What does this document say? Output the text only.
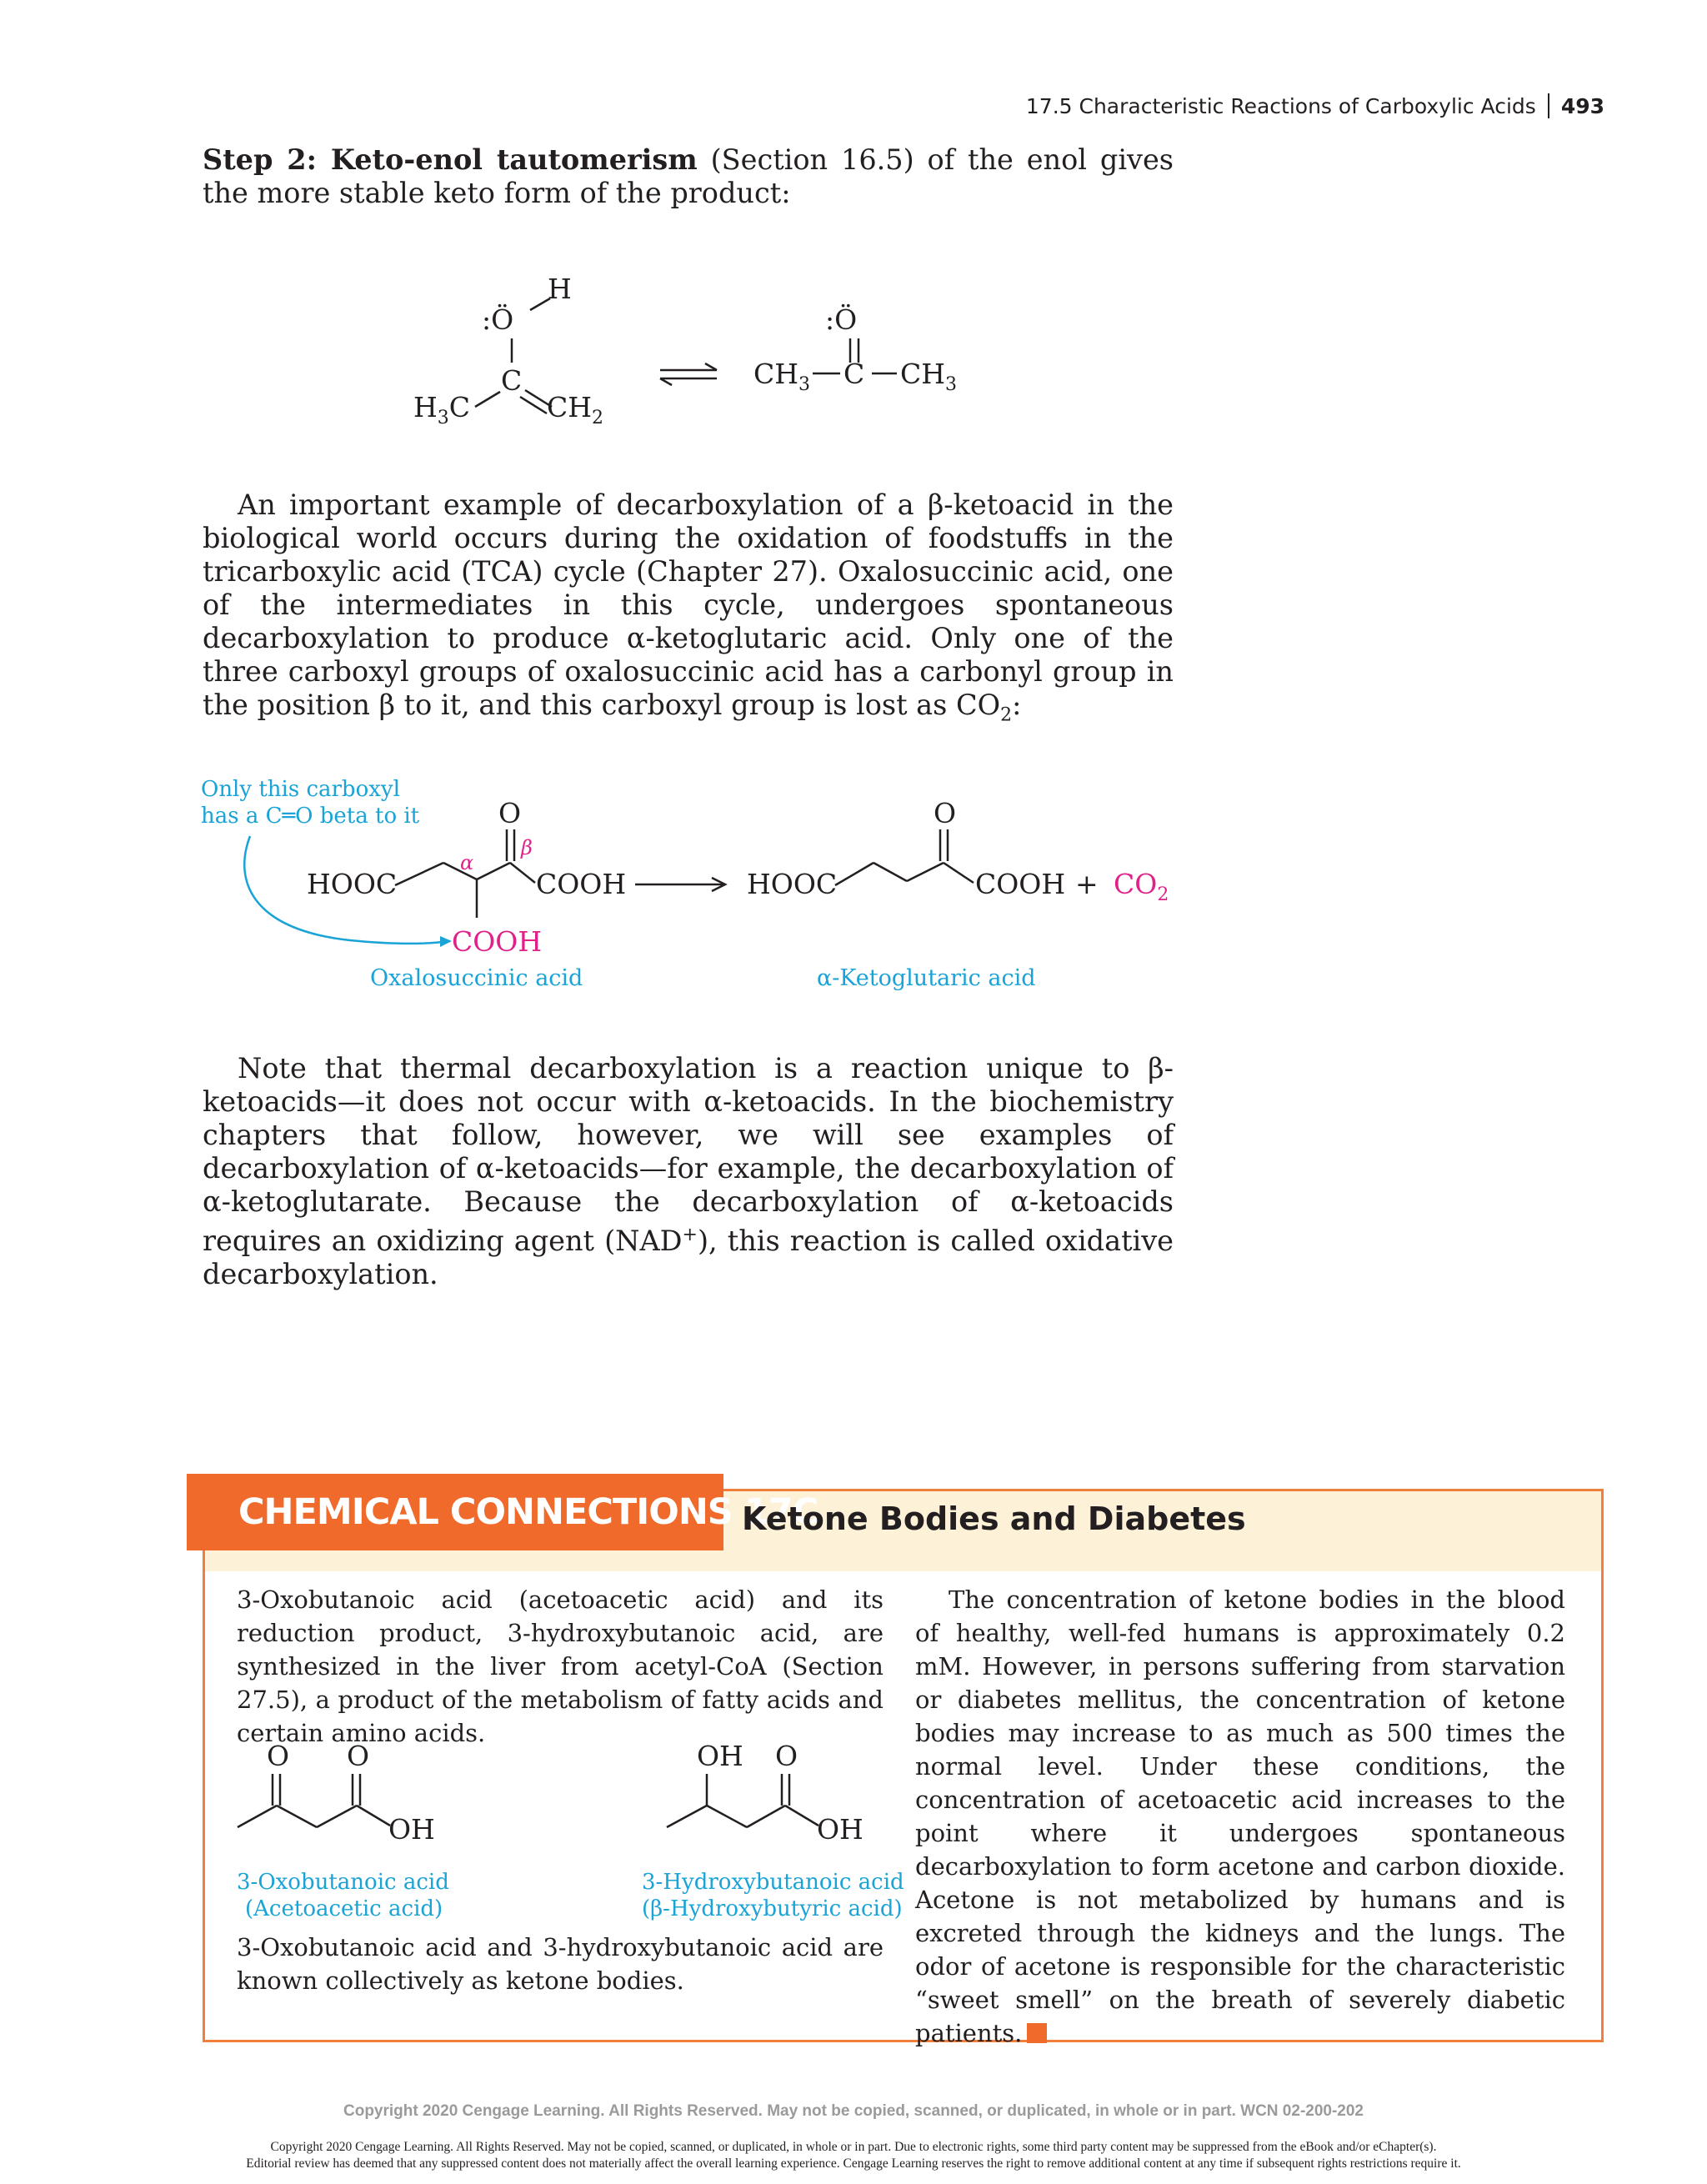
17.5 Characteristic Reactions of Carboxylic Acids 493

Step 2: Keto-enol tautomerism (Section 16.5) of the enol gives the more stable keto form of the product:

:Ö
H
C
$H_3C$	$CH_2$
:Ö
$CH_3$ C $CH_3$

An important example of decarboxylation of a β-ketoacid in the biological world occurs during the oxidation of foodstuffs in the tricarboxylic acid (TCA) cycle (Chapter 27). Oxalosuccinic acid, one of the intermediates in this cycle, undergoes spontaneous decarboxylation to produce α-ketoglutaric acid. Only one of the three carboxyl groups of oxalosuccinic acid has a carbonyl group in the position β to it, and this carboxyl group is lost as $CO_2$:

Only this carboxyl
has a C═O beta to it
HOOC
O
α
β
COOH
COOH
HOOC
O
COOH + $CO_2$
Oxalosuccinic acid	α-Ketoglutaric acid

Note that thermal decarboxylation is a reaction unique to β-ketoacids—it does not occur with α-ketoacids. In the biochemistry chapters that follow, however, we will see examples of decarboxylation of α-ketoacids—for example, the decarboxylation of α-ketoglutarate. Because the decarboxylation of α-ketoacids requires an oxidizing agent (NAD+), this reaction is called oxidative decarboxylation.

CHEMICAL CONNECTIONS 17C
Ketone Bodies and Diabetes

3-Oxobutanoic acid (acetoacetic acid) and its reduction product, 3-hydroxybutanoic acid, are synthesized in the liver from acetyl-CoA (Section 27.5), a product of the metabolism of fatty acids and certain amino acids.

O O
OH
3-Oxobutanoic acid
(Acetoacetic acid)
OH O
OH
3-Hydroxybutanoic acid
(β-Hydroxybutyric acid)

3-Oxobutanoic acid and 3-hydroxybutanoic acid are known collectively as ketone bodies.

The concentration of ketone bodies in the blood of healthy, well-fed humans is approximately 0.2 mM. However, in persons suffering from starvation or diabetes mellitus, the concentration of ketone bodies may increase to as much as 500 times the normal level. Under these conditions, the concentration of acetoacetic acid increases to the point where it undergoes spontaneous decarboxylation to form acetone and carbon dioxide. Acetone is not metabolized by humans and is excreted through the kidneys and the lungs. The odor of acetone is responsible for the characteristic “sweet smell” on the breath of severely diabetic patients.

Copyright 2020 Cengage Learning. All Rights Reserved. May not be copied, scanned, or duplicated, in whole or in part. WCN 02-200-202
Copyright 2020 Cengage Learning. All Rights Reserved. May not be copied, scanned, or duplicated, in whole or in part. Due to electronic rights, some third party content may be suppressed from the eBook and/or eChapter(s).
Editorial review has deemed that any suppressed content does not materially affect the overall learning experience. Cengage Learning reserves the right to remove additional content at any time if subsequent rights restrictions require it.
